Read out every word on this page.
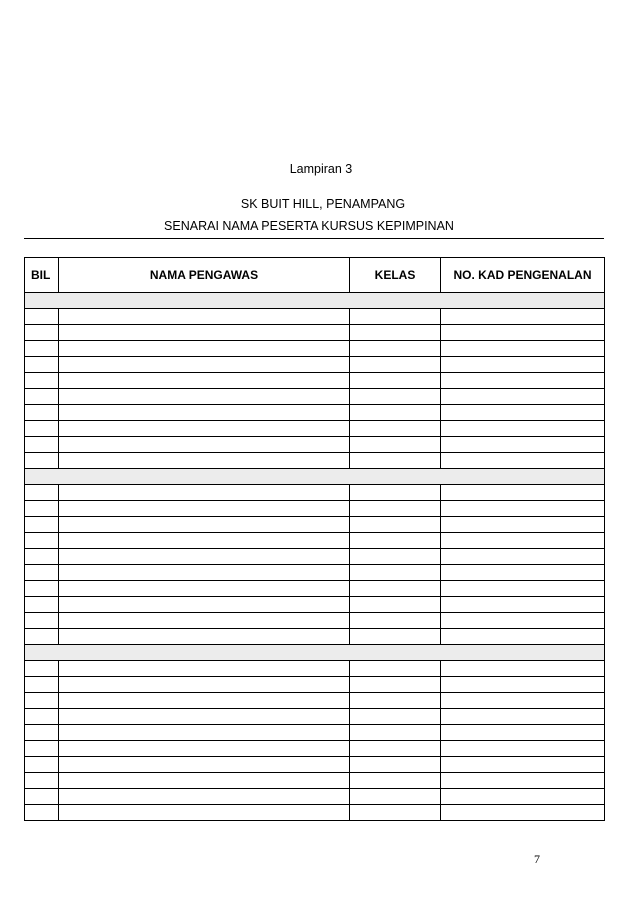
Lampiran 3
SK BUIT HILL, PENAMPANG
SENARAI NAMA PESERTA KURSUS KEPIMPINAN
BIL	NAMA PENGAWAS	KELAS	NO. KAD PENGENALAN

7
